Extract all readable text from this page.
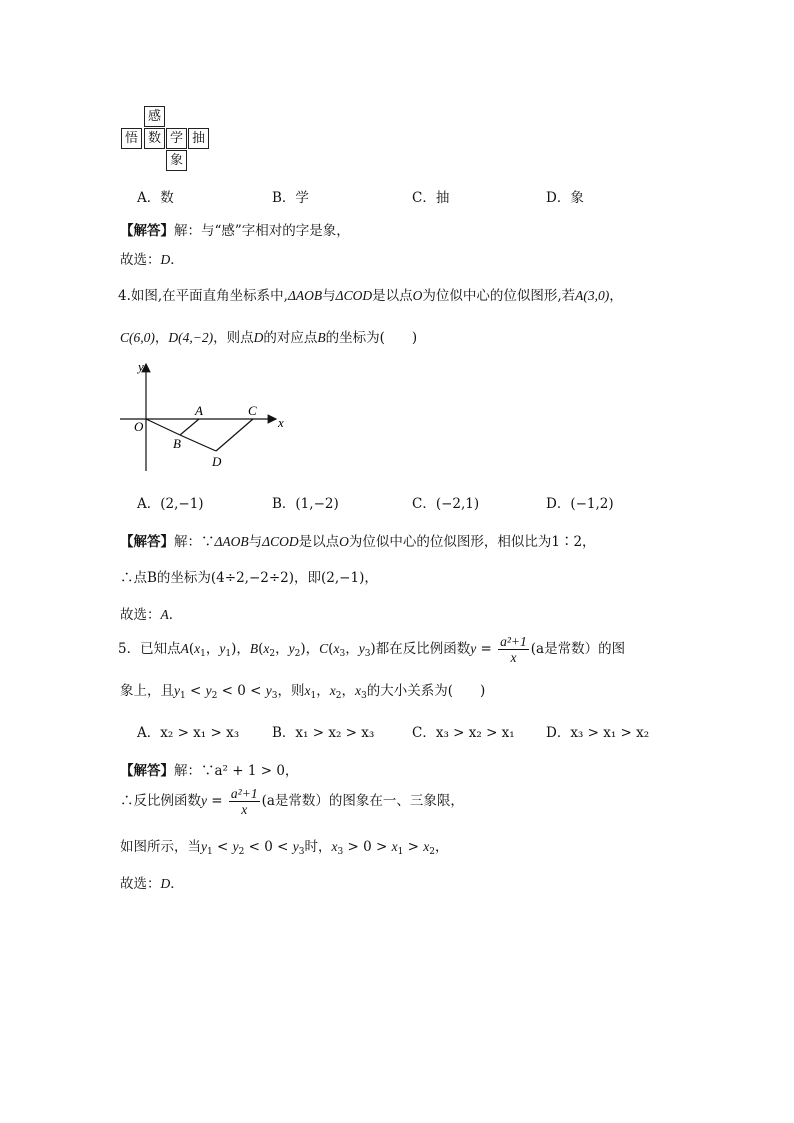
感
悟 数 学 抽
象
A．数	B．学	C．抽	D．象
【解答】解：与“感”字相对的字是象，
故选：D．
4.如图,在平面直角坐标系中,ΔAOB与ΔCOD是以点O为位似中心的位似图形,若A(3,0)，
C(6,0)，D(4,−2)，则点D的对应点B的坐标为(　　)
y
x
O
A
B
C
D
A．(2,−1)	B．(1,−2)	C．(−2,1)	D．(−1,2)
【解答】解：∵ΔAOB与ΔCOD是以点O为位似中心的位似图形，相似比为1∶2，
∴点B的坐标为(4÷2,−2÷2)，即(2,−1)，
故选：A．
5．已知点$A(x_1$，$y_1$)，$B(x_2$，$y_2$)，$C(x_3$，$y_3$)都在反比例函数$y = \frac{\text{a²+1}}{x} (a$是常数）的图
象上，且$y_1 < y_2 < 0 < y_3$，则$x_1$，$x_2$，$x_3$的大小关系为(　　)
A．x₂ > x₁ > x₃ B．x₁ > x₂ > x₃	C．x₃ > x₂ > x₁ D．x₃ > x₁ > x₂
【解答】解：∵a² + 1 > 0，
∴反比例函数$y = \frac{\text{a²+1}}{x} (a$是常数）的图象在一、三象限，
如图所示，当$y_1 < y_2 < 0 < y_3$时，$x_3 > 0 > x_1 > x_2$，
故选：D．
